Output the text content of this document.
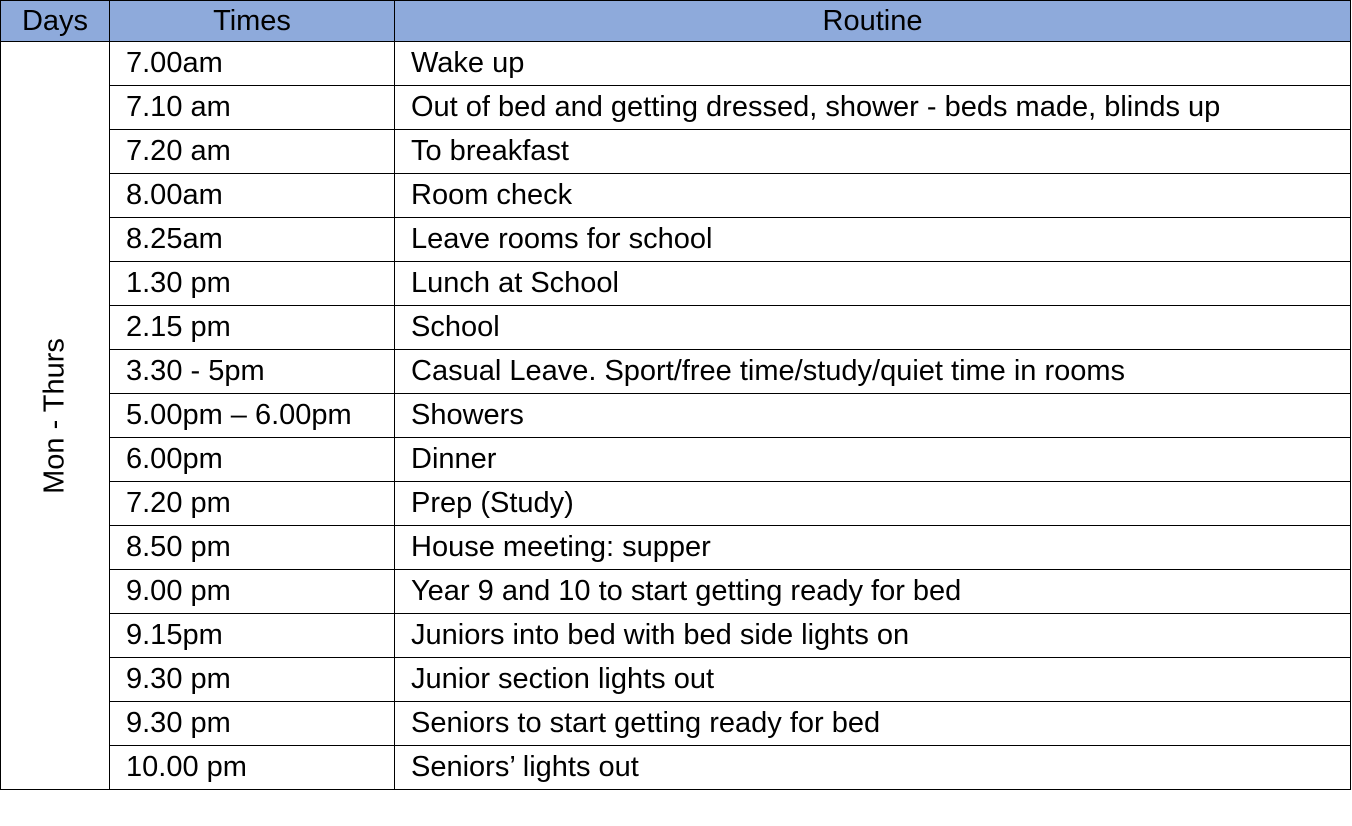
Days	Times	Routine

Mon - Thurs	7.00am	Wake up
	7.10 am	Out of bed and getting dressed, shower - beds made, blinds up
	7.20 am	To breakfast
	8.00am	Room check
	8.25am	Leave rooms for school
	1.30 pm	Lunch at School
	2.15 pm	School
	3.30 - 5pm	Casual Leave. Sport/free time/study/quiet time in rooms
	5.00pm – 6.00pm	Showers
	6.00pm	Dinner
	7.20 pm	Prep (Study)
	8.50 pm	House meeting: supper
	9.00 pm	Year 9 and 10 to start getting ready for bed
	9.15pm	Juniors into bed with bed side lights on
	9.30 pm	Junior section lights out
	9.30 pm	Seniors to start getting ready for bed
	10.00 pm	Seniors’ lights out
